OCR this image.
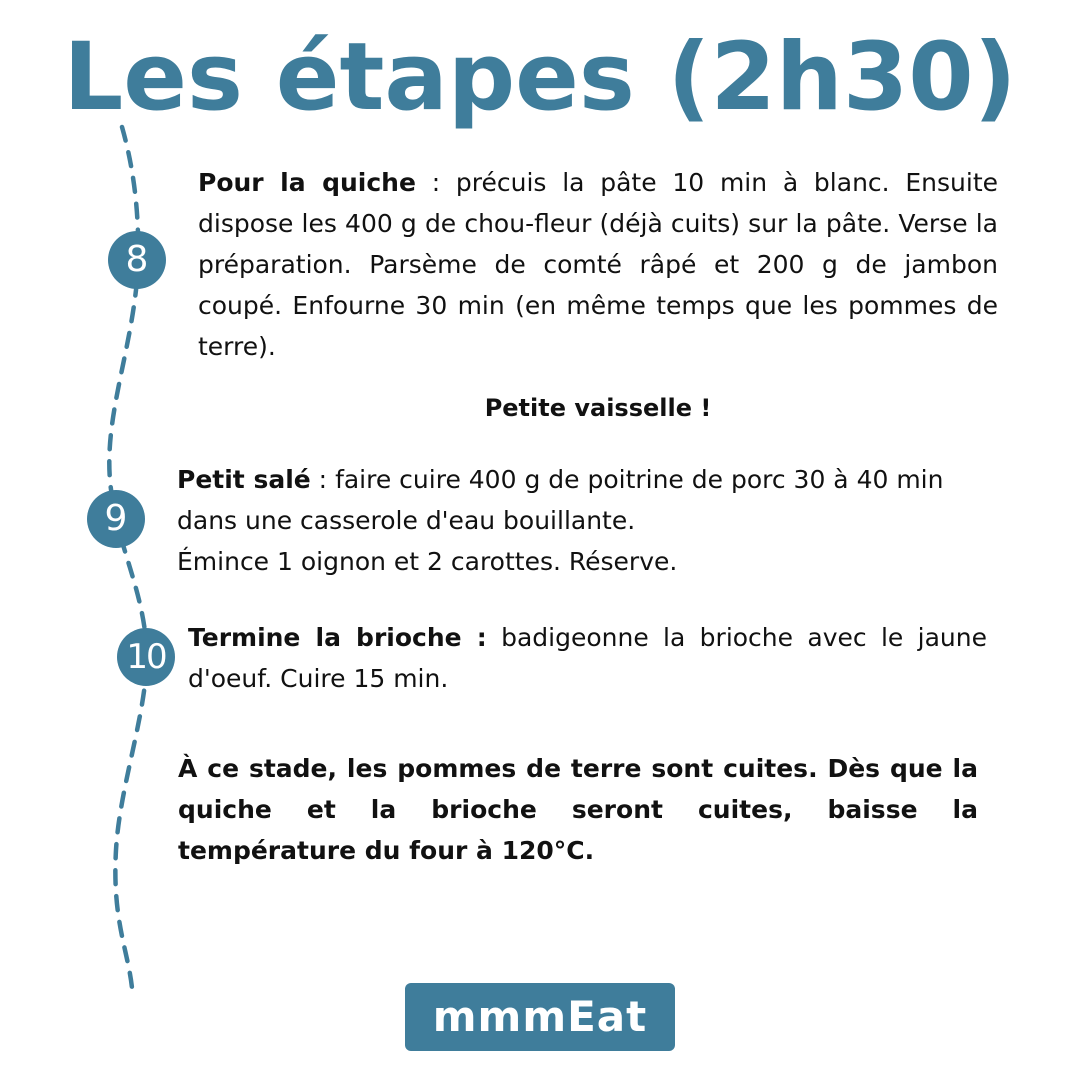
Les étapes (2h30)
8
9
10

Pour la quiche : précuis la pâte 10 min à blanc. Ensuite dispose les 400 g de chou-fleur (déjà cuits) sur la pâte. Verse la préparation. Parsème de comté râpé et 200 g de jambon coupé. Enfourne 30 min (en même temps que les pommes de terre).

Petite vaisselle !

Petit salé : faire cuire 400 g de poitrine de porc 30 à 40 min dans une casserole d'eau bouillante.
Émince 1 oignon et 2 carottes. Réserve.

Termine la brioche : badigeonne la brioche avec le jaune d'oeuf. Cuire 15 min.

À ce stade, les pommes de terre sont cuites. Dès que la quiche et la brioche seront cuites, baisse la température du four à 120°C.

mmmEat
